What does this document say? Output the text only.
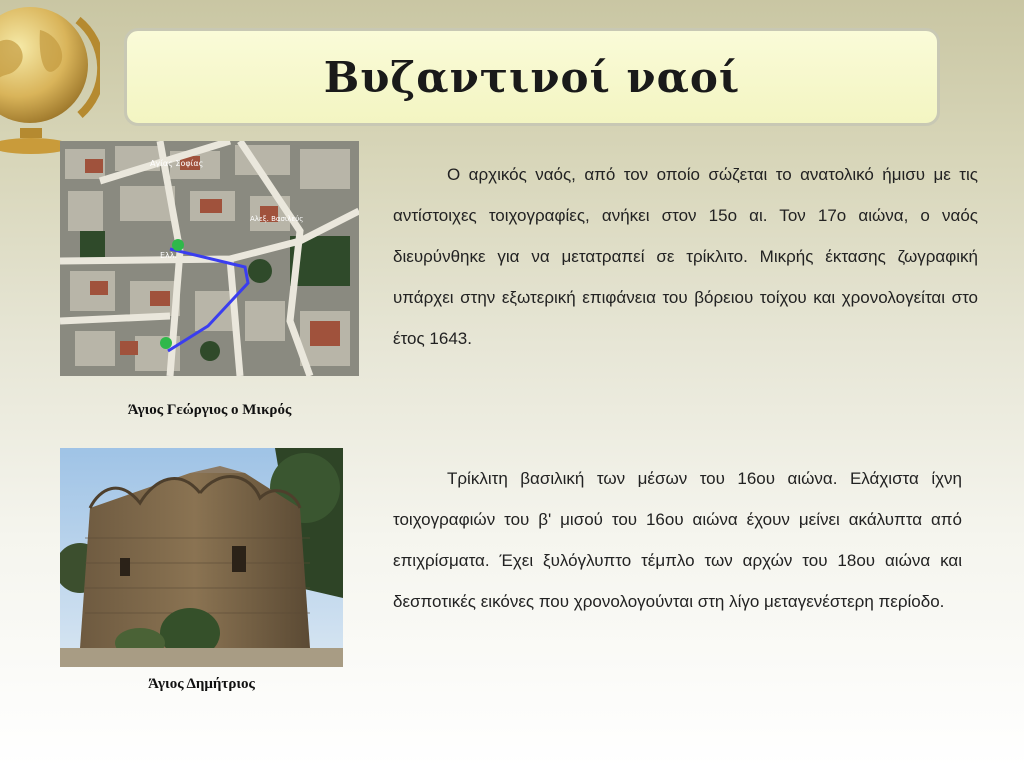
Βυζαντινοί ναοί
Αγίας Σοφίας
Ελλ.
Αλεξ. Βασιλεύς
Άγιος Γεώργιος ο Μικρός
Άγιος Δημήτριος

Ο αρχικός ναός, από τον οποίο σώζεται το ανατολικό ήμισυ με τις αντίστοιχες τοιχογραφίες, ανήκει στον 15ο αι. Τον 17ο αιώνα, ο ναός διευρύνθηκε για να μετατραπεί σε τρίκλιτο. Μικρής έκτασης ζωγραφική υπάρχει στην εξωτερική επιφάνεια του βόρειου τοίχου και χρονολογείται στο έτος 1643.

Τρίκλιτη βασιλική των μέσων του 16ου αιώνα. Ελάχιστα ίχνη τοιχογραφιών του β' μισού του 16ου αιώνα έχουν μείνει ακάλυπτα από επιχρίσματα. Έχει ξυλόγλυπτο τέμπλο των αρχών του 18ου αιώνα και δεσποτικές εικόνες που χρονολογούνται στη λίγο μεταγενέστερη περίοδο.
